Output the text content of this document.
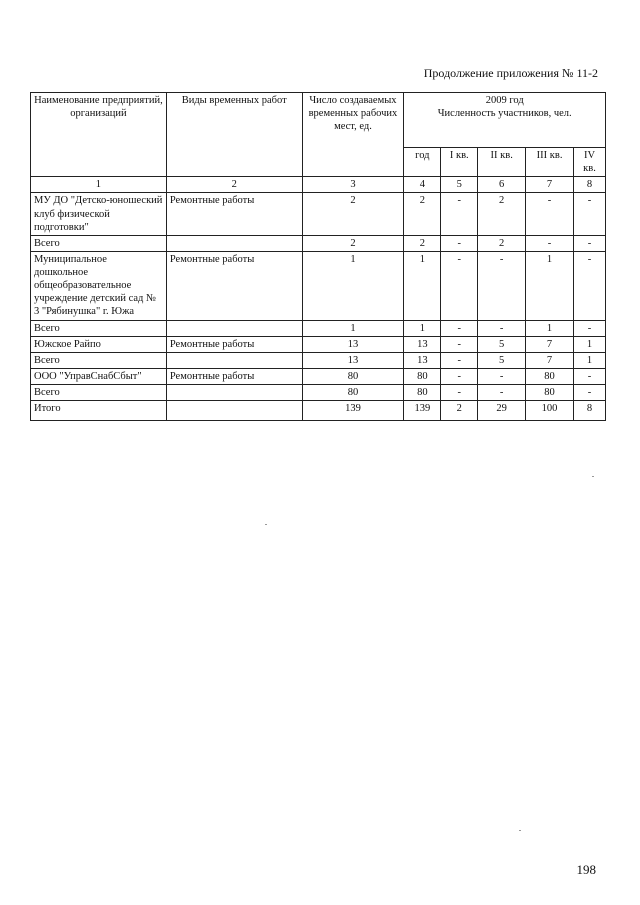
Продолжение приложения № 11-2
Наименование предприятий, организаций	Виды временных работ	Число создаваемых временных рабочих мест, ед.	2009 год
Численность участников, чел.				

			год	I кв.	II кв.	III кв.	IV кв.
1	2	3	4	5	6	7	8
МУ ДО "Детско-юношеский клуб физической подготовки"	Ремонтные работы	2	2	-	2	-	-
Всего		2	2	-	2	-	-
Муниципальное дошкольное общеобразовательное учреждение детский сад № 3 "Рябинушка" г. Южа	Ремонтные работы	1	1	-	-	1	-
Всего		1	1	-	-	1	-
Южское Райпо	Ремонтные работы	13	13	-	5	7	1
Всего		13	13	-	5	7	1
ООО "УправСнабСбыт"	Ремонтные работы	80	80	-	-	80	-
Всего		80	80	-	-	80	-
Итого		139	139	2	29	100	8
198
